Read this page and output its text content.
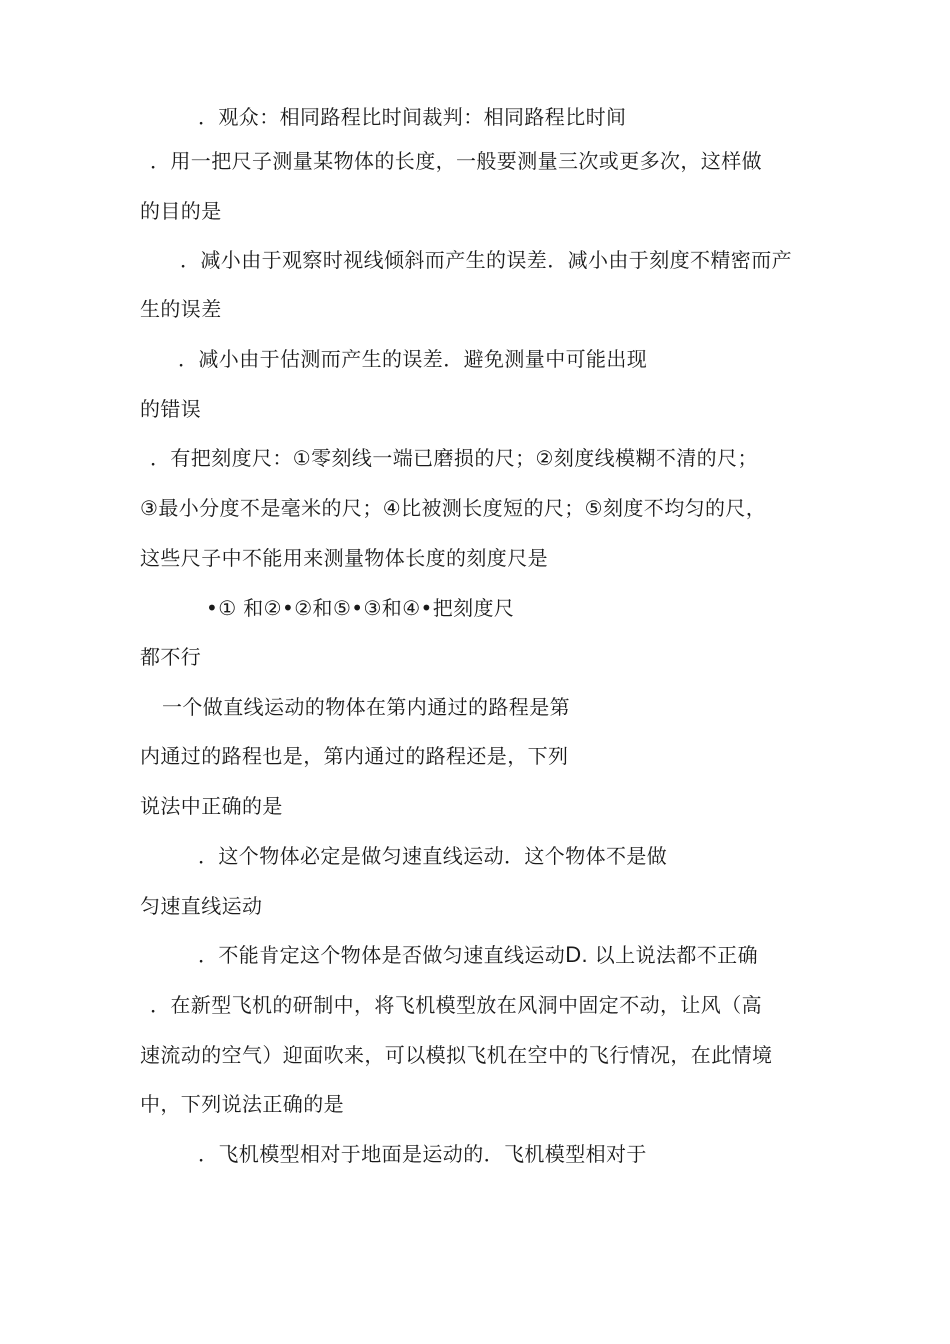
．观众：相同路程比时间裁判：相同路程比时间
．用一把尺子测量某物体的长度，一般要测量三次或更多次，这样做
的目的是
．减小由于观察时视线倾斜而产生的误差．减小由于刻度不精密而产
生的误差
．减小由于估测而产生的误差．避免测量中可能出现
的错误
．有把刻度尺：①零刻线一端已磨损的尺；②刻度线模糊不清的尺；
③最小分度不是毫米的尺；④比被测长度短的尺；⑤刻度不均匀的尺，
这些尺子中不能用来测量物体长度的刻度尺是
•① 和②•②和⑤•③和④•把刻度尺
都不行
一个做直线运动的物体在第内通过的路程是第
内通过的路程也是，第内通过的路程还是，下列
说法中正确的是
．这个物体必定是做匀速直线运动．这个物体不是做
匀速直线运动
．不能肯定这个物体是否做匀速直线运动D. 以上说法都不正确
．在新型飞机的研制中，将飞机模型放在风洞中固定不动，让风（高
速流动的空气）迎面吹来，可以模拟飞机在空中的飞行情况，在此情境
中，下列说法正确的是
．飞机模型相对于地面是运动的．飞机模型相对于
